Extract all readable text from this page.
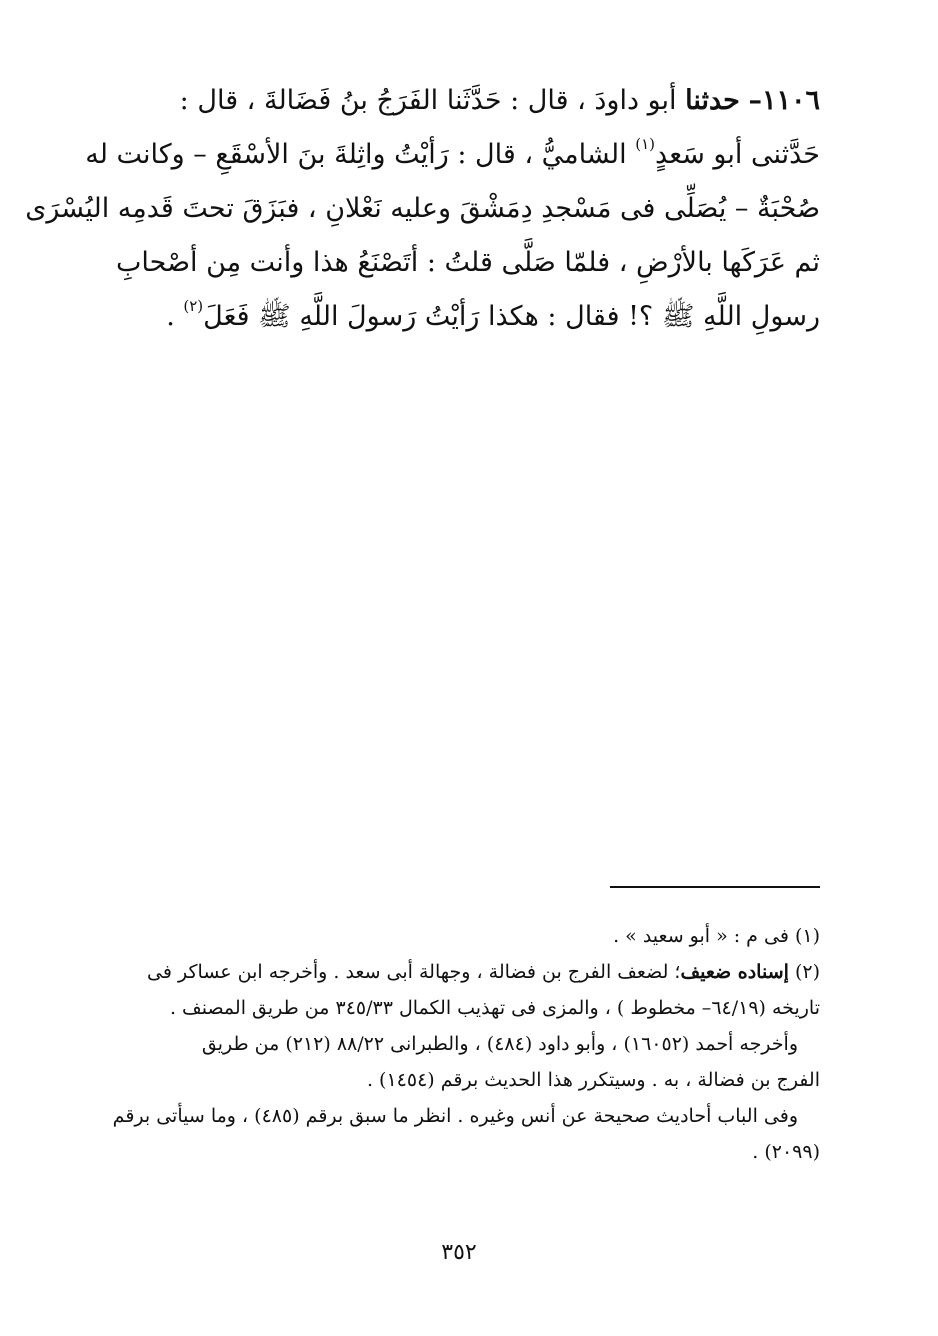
١١٠٦– حدثنا أبو داودَ ، قال : حَدَّثَنا الفَرَجُ بنُ فَضَالةَ ، قال :
حَدَّثنى أبو سَعدٍ$^{(١)}$ الشاميُّ ، قال : رَأيْتُ واثِلةَ بنَ الأسْقَعِ – وكانت له
صُحْبَةٌ – يُصَلِّى فى مَسْجدِ دِمَشْقَ وعليه نَعْلانِ ، فبَزَقَ تحتَ قَدمِه اليُسْرَى
ثم عَرَكَها بالأرْضِ ، فلمّا صَلَّى قلتُ : أتَصْنَعُ هذا وأنت مِن أصْحابِ
رسولِ اللَّهِ ﷺ ؟! فقال : هكذا رَأيْتُ رَسولَ اللَّهِ ﷺ فَعَلَ$^{(٢)}$ .
(١) فى م : « أبو سعيد » .
(٢) إسناده ضعيف؛ لضعف الفرج بن فضالة ، وجهالة أبى سعد . وأخرجه ابن عساكر فى
تاريخه (٦٤/١٩– مخطوط ) ، والمزى فى تهذيب الكمال ٣٤٥/٣٣ من طريق المصنف .
وأخرجه أحمد (١٦٠٥٢) ، وأبو داود (٤٨٤) ، والطبرانى ٨٨/٢٢ (٢١٢) من طريق
الفرج بن فضالة ، به . وسيتكرر هذا الحديث برقم (١٤٥٤) .
وفى الباب أحاديث صحيحة عن أنس وغيره . انظر ما سبق برقم (٤٨٥) ، وما سيأتى برقم
(٢٠٩٩) .
٣٥٢
